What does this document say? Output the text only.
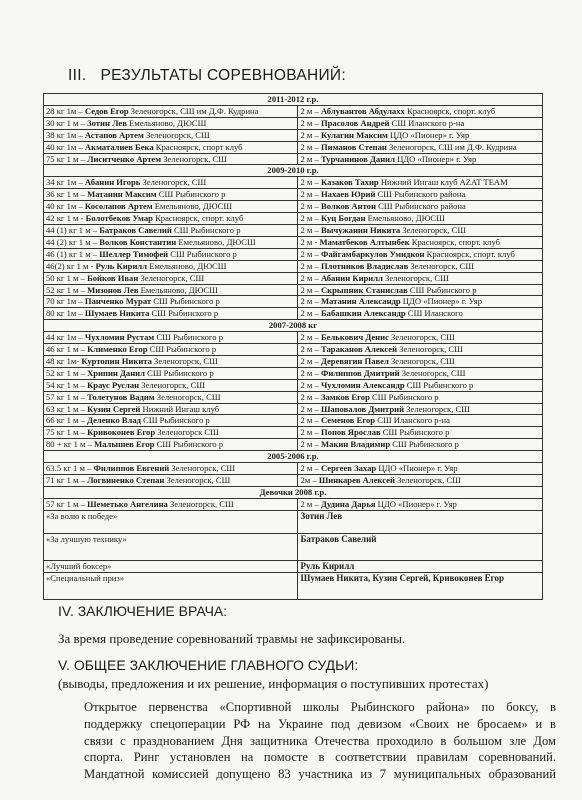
III. РЕЗУЛЬТАТЫ СОРЕВНОВАНИЙ:
2011-2012 г.р.	
28 кг 1м – Седов Егор Зеленогорск, СШ им Д.Ф. Кудрина	2 м – Аблувантов Абдулахх Красноярск, спорт. клуб
30 кг 1 м – Зотин Лев Емельяново, ДЮСШ	2 м – Прасолов Андрей СШ Иланского р-на
38 кг 1м – Астапов Артем Зеленогорск, СШ	2 м – Кулагин Максим ЦДО «Пионер» г. Уяр
40 кг 1м – Акматалиев Бека Красноярск, спорт клуб	2 м – Пиманов Степан Зеленогорск, СШ им Д.Ф. Кудрина
75 кг 1 м – Лиситченко Артем Зеленогорск, СШ	2 м – Турчанинов Данил ЦДО «Пионер» г. Уяр
2009-2010 г.р.	
34 кг 1м – Абанин Игорь Зеленогорск, СШ	2 м – Казаков Тахир Нижний Ингаш клуб AZAT TEAM
36 кг 1 м – Матанин Максим СШ Рыбинского р	2 м – Нахаев Юрий СШ Рыбинского района
40 кг 1м – Косолапов Артем Емельяново, ДЮСШ	2 м – Волков Антон СШ Рыбинского района
42 кг 1 м - Болотбеков Умар Красноярск, спорт. клуб	2 м – Куц Богдан Емельяново, ДЮСШ
44 (1) кг 1 м – Батраков Савелий СШ Рыбинского р	2 м – Вычужанин Никита Зеленогорск, СШ
44 (2) кг 1 м – Волков Константин Емельяново, ДЮСШ	2 м - Маматбеков Алтынбек Красноярск, спорт. клуб
46 (1) кг 1 м – Шеллер Тимофей СШ Рыбинского р	2 м – Файгамбаркулов Умидкон Красноярск, спорт. клуб
46(2) кг 1 м - Руль Кирилл Емельяново, ДЮСШ	2 м – Плотников Владислав Зеленогорск, СШ
50 кг 1 м – Бойков Иван Зеленогорск, СШ	2 м – Абанин Кирилл Зеленогорск, СШ
52 кг 1 м – Мизонов Лев Емельяново, ДЮСШ	2 м – Скрыпник Станислав СШ Рыбинского р
70 кг 1м – Панченко Мурат СШ Рыбинского р	2 м – Матанин Александр ЦДО «Пионер» г. Уяр
80 кг 1м – Шумаев Никита СШ Рыбинского р	2 м – Бабашкин Александр СШ Иланского
2007-2008 кг	
44 кг 1м – Чухломин Рустам СШ Рыбинского р	2 м – Белькович Денис Зеленогорск, СШ
46 кг 1 м – Клименко Егор СШ Рыбинского р	2 м – Тараканов Алексей Зеленогорск, СШ
48 кг 1м- Куртопин Никита Зеленогорск, СШ	2 м – Деревягин Павел Зеленогорск, СШ
52 кг 1 м – Хрипин Данил СШ Рыбинского р	2 м – Филиппов Дмитрий Зеленогорск, СШ
54 кг 1 м – Краус Руслан Зеленогорск, СШ	2 м – Чухломин Александр СШ Рыбинского р
57 кг 1 м – Толетунов Вадим Зеленогорск, СШ	2 м – Замков Егор СШ Рыбинского р
63 кг 1 м – Кузин Сергей Нижний Ингаш клуб	2 м – Шаповалов Дмитрий Зеленогорск, СШ
66 кг 1 м – Деленко Влад СШ Рыбинского р	2 м – Семенов Егор СШ Иланского р-на
75 кг 1 м – Кривоконев Егор Зеленогорск СШ	2 м – Попов Ярослав СШ Рыбинского р
80 + кг 1 м – Малышев Егор СШ Рыбинского р	2 м – Макин Владимир СШ Рыбинского р
2005-2006 г.р.	
63.5 кг 1 м – Филиппов Евгений Зеленогорск, СШ	2 м – Сергеев Захар ЦДО «Пионер» г. Уяр
71 кг 1 м – Логвиненко Степан Зеленогорск, СШ	2м – Шинкарев Алексей Зеленогорск, СШ
Девочки 2008 г.р.	
57 кг 1 м – Шеметько Ангелина Зеленогорск, СШ	2 м – Дудина Дарья ЦДО «Пионер» г. Уяр
«За волю к победе»	Зотин Лев
«За лучшую технику»	Батраков Савелий
«Лучший боксер»	Руль Кирилл
«Специальный приз»	Шумаев Никита, Кузин Сергей, Кривоконев Егор
IV. ЗАКЛЮЧЕНИЕ ВРАЧА:
За время проведение соревнований травмы не зафиксированы.
V. ОБЩЕЕ ЗАКЛЮЧЕНИЕ ГЛАВНОГО СУДЬИ:
(выводы, предложения и их решение, информация о поступивших протестах)
Открытое первенства «Спортивной школы Рыбинского района» по боксу, в
поддержку спецоперации РФ на Украине под девизом «Своих не бросаем» и в
связи с празднованием Дня защитника Отечества проходило в большом зле Дом
спорта. Ринг установлен на помосте в соответствии правилам соревнований.
Мандатной комиссией допущено 83 участника из 7 муниципальных образований
